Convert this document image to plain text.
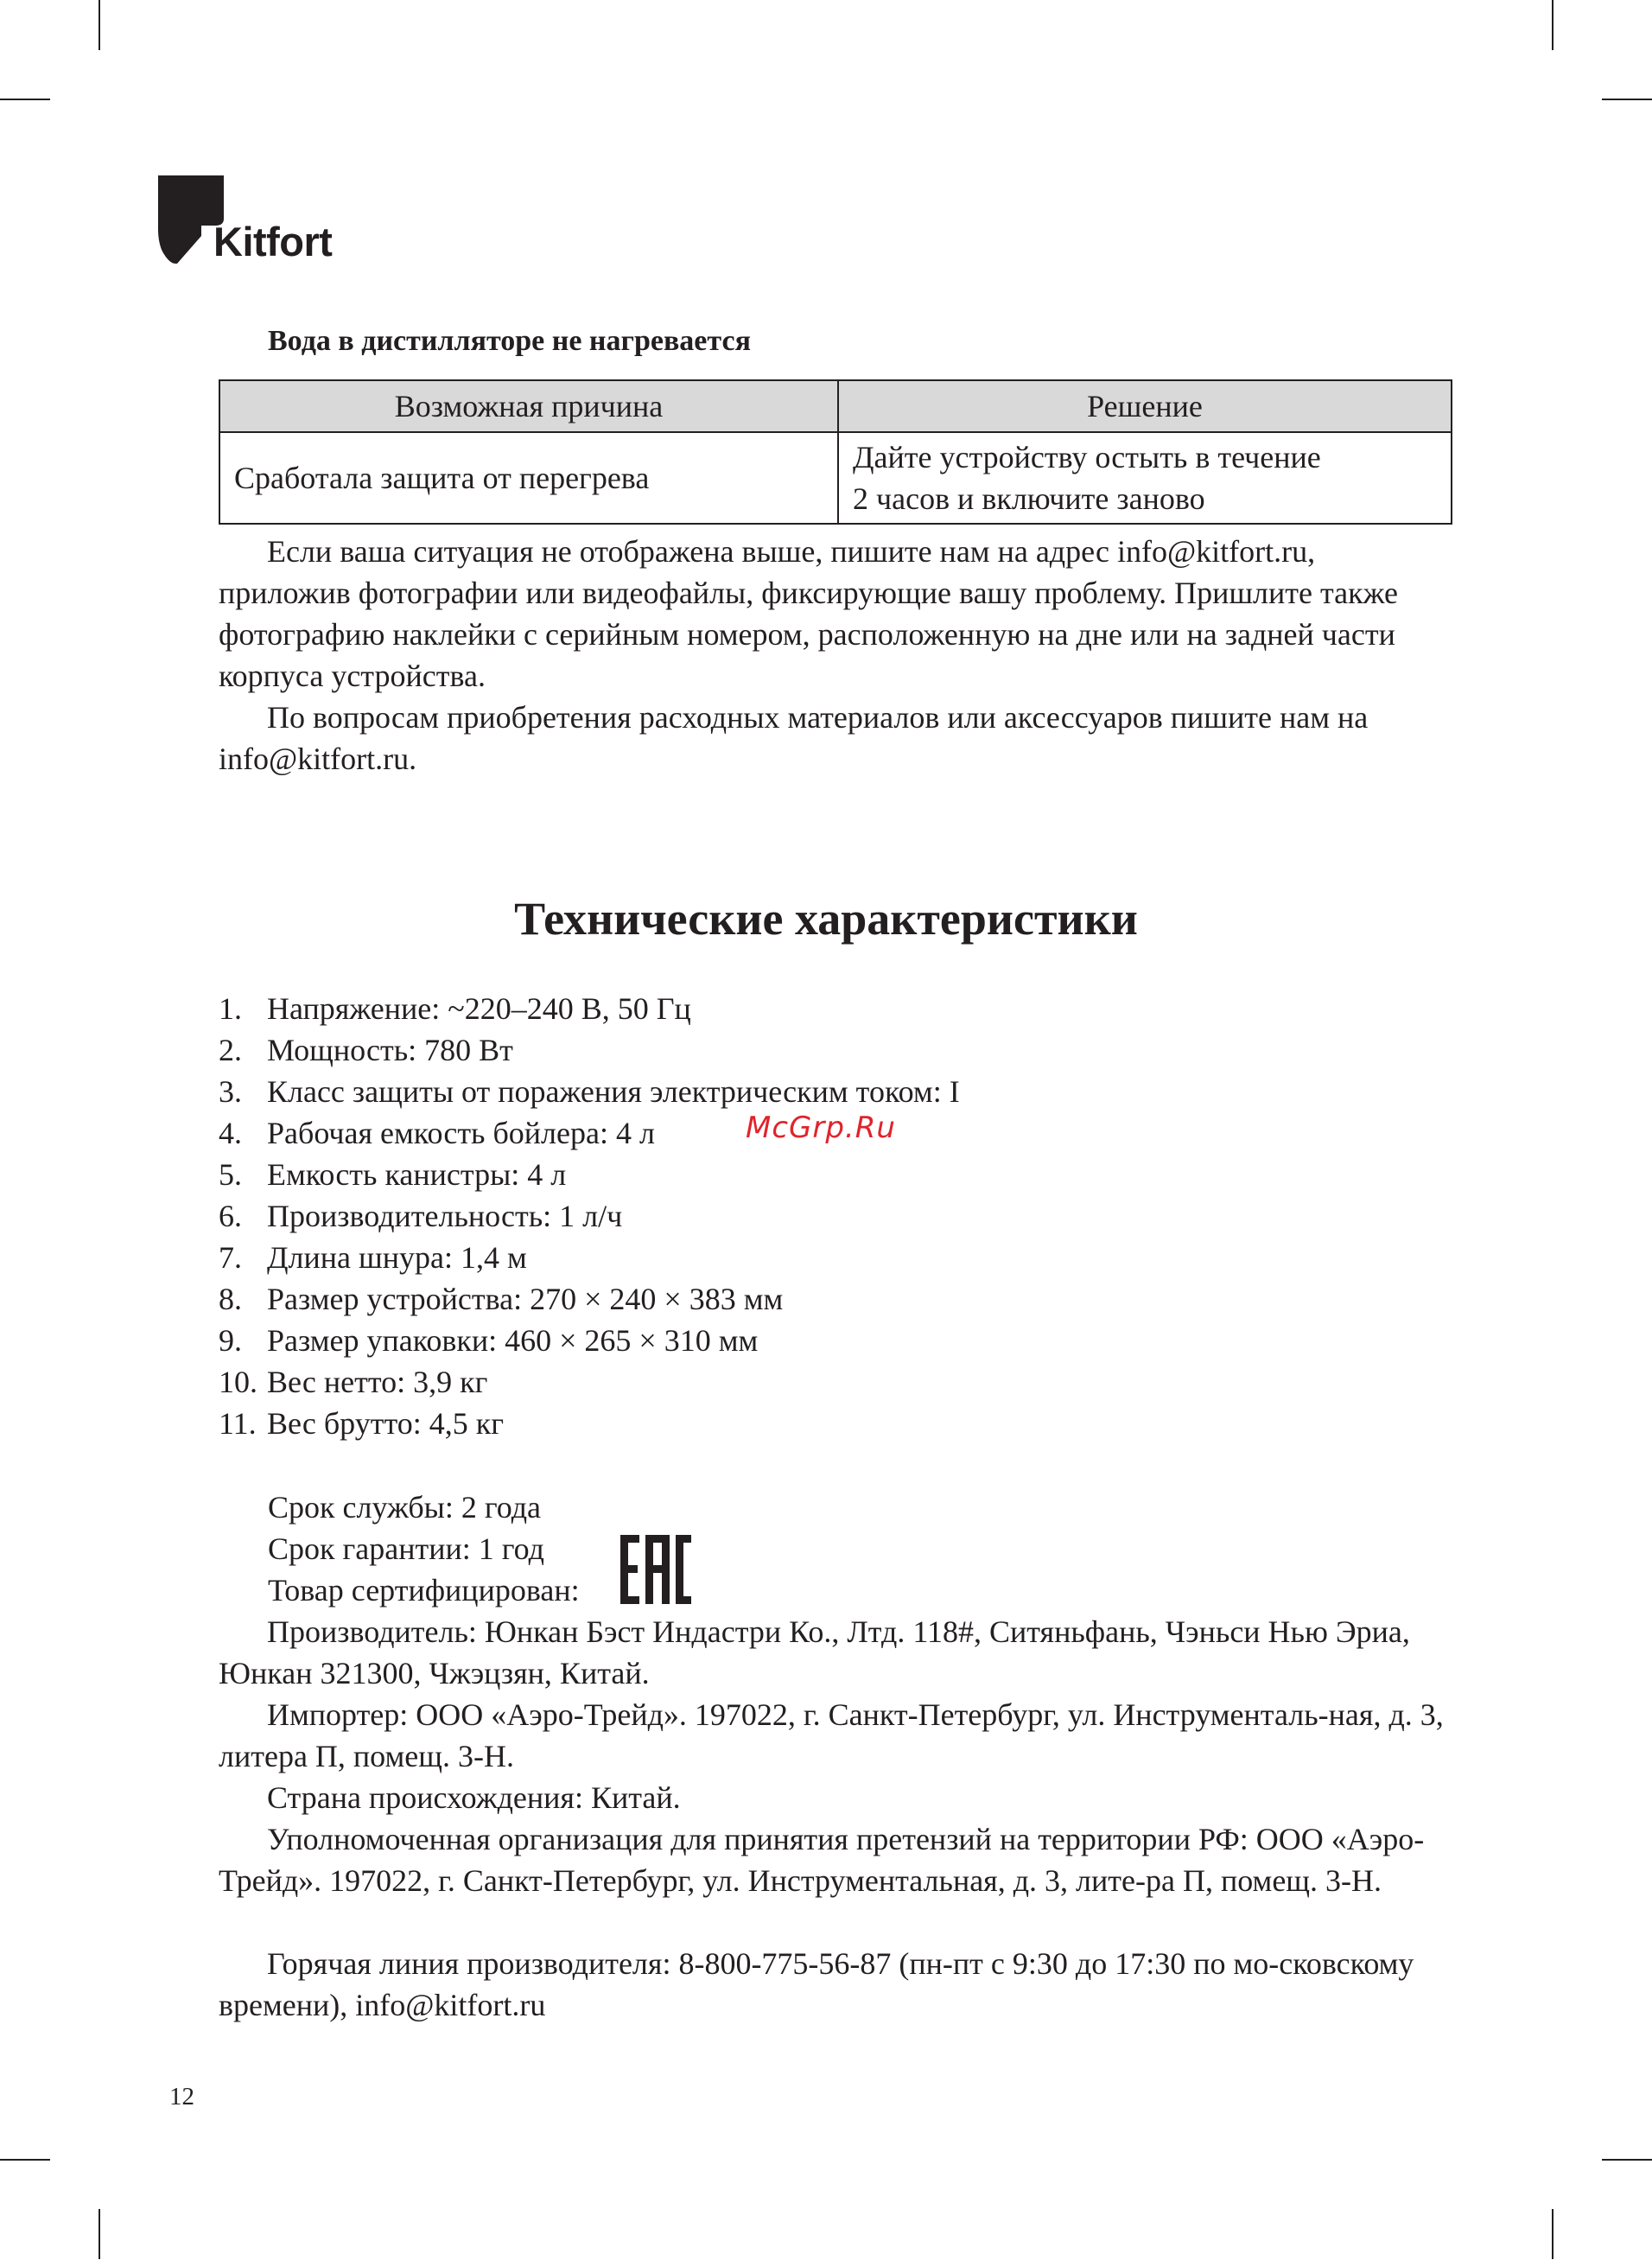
Kitfort
Вода в дистилляторе не нагревается
Возможная причина	Решение
Сработала защита от перегрева	Дайте устройству остыть в течение
2 часов и включите заново

Если ваша ситуация не отображена выше, пишите нам на адрес info@kitfort.ru, приложив фотографии или видеофайлы, фиксирующие вашу проблему. Пришлите также фотографию наклейки с серийным номером, расположенную на дне или на задней части корпуса устройства.

По вопросам приобретения расходных материалов или аксессуаров пишите нам на info@kitfort.ru.

Технические характеристики
1. Напряжение: ~220–240 В, 50 Гц
2. Мощность: 780 Вт
3. Класс защиты от поражения электрическим током: I
4. Рабочая емкость бойлера: 4 л
5. Емкость канистры: 4 л
6. Производительность: 1 л/ч
7. Длина шнура: 1,4 м
8. Размер устройства: 270 × 240 × 383 мм
9. Размер упаковки: 460 × 265 × 310 мм
10. Вес нетто: 3,9 кг
11. Вес брутто: 4,5 кг
McGrp.Ru
Срок службы: 2 года
Срок гарантии: 1 год
Товар сертифицирован:

Производитель: Юнкан Бэст Индастри Ко., Лтд. 118#, Ситяньфань, Чэньси Нью Эриа, Юнкан 321300, Чжэцзян, Китай.

Импортер: ООО «Аэро-Трейд». 197022, г. Санкт-Петербург, ул. Инструменталь-ная, д. 3, литера П, помещ. 3-Н.

Страна происхождения: Китай.

Уполномоченная организация для принятия претензий на территории РФ: ООО «Аэро-Трейд». 197022, г. Санкт-Петербург, ул. Инструментальная, д. 3, лите-ра П, помещ. 3-Н.

Горячая линия производителя: 8-800-775-56-87 (пн-пт с 9:30 до 17:30 по мо-сковскому времени), info@kitfort.ru

12
